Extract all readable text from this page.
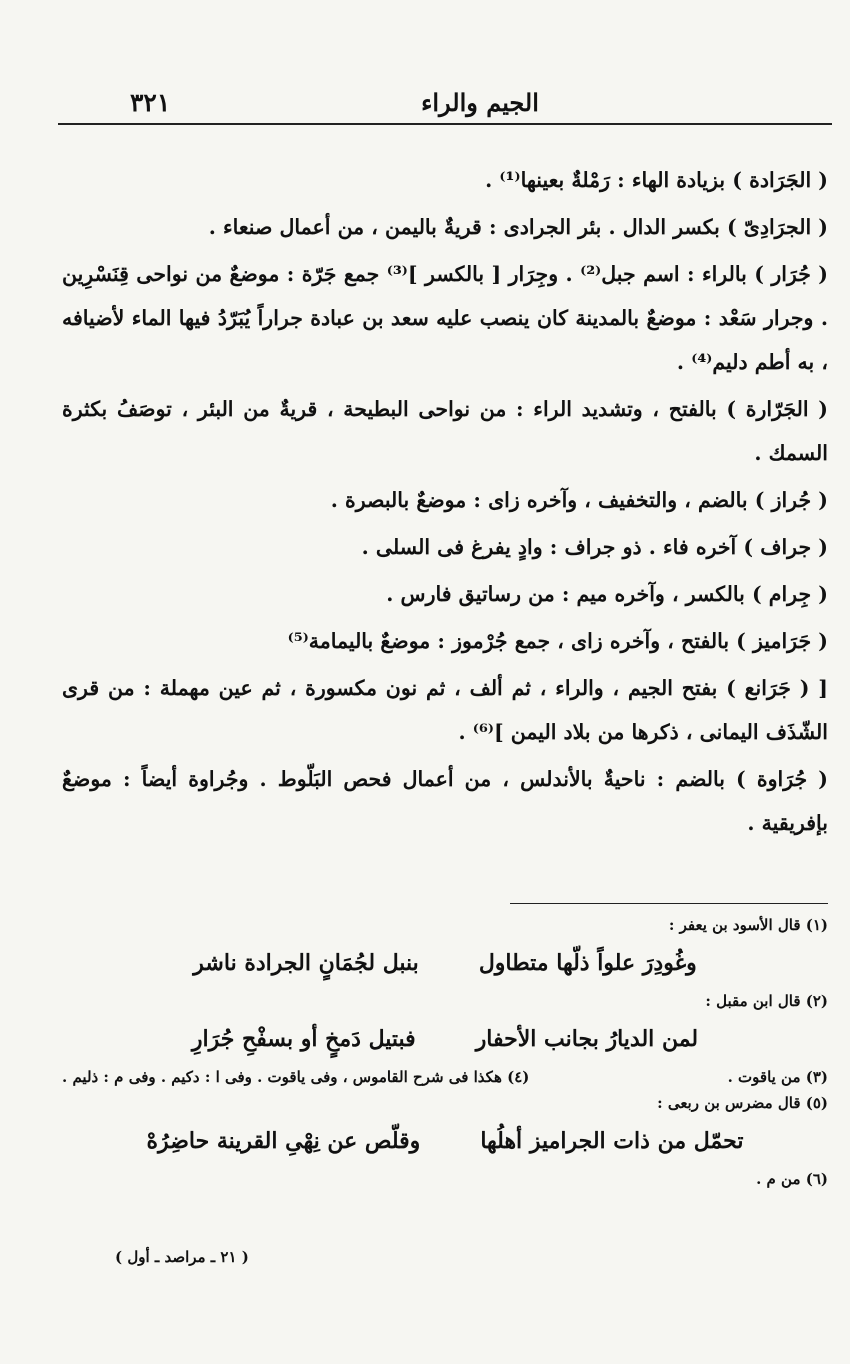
٣٢١	الجيم والراء

( الجَرَادة ) بزيادة الهاء : رَمْلةٌ بعينها⁽¹⁾ .

( الجرَادِىّ ) بكسر الدال . بئر الجرادى : قريةٌ باليمن ، من أعمال صنعاء .

( جُرَار ) بالراء : اسم جبل⁽²⁾ . وجِرَار [ بالكسر ]⁽³⁾ جمع جَرّة : موضعٌ من نواحى قِنَسْرِين . وجرار سَعْد : موضعٌ بالمدينة كان ينصب عليه سعد بن عبادة جراراً يُبَرّدُ فيها الماء لأضيافه ، به أطم دليم⁽⁴⁾ .

( الجَرّارة ) بالفتح ، وتشديد الراء : من نواحى البطيحة ، قريةٌ من البئر ، توصَفُ بكثرة السمك .

( جُراز ) بالضم ، والتخفيف ، وآخره زاى : موضعٌ بالبصرة .

( جراف ) آخره فاء . ذو جراف : وادٍ يفرغ فى السلى .

( جِرام ) بالكسر ، وآخره ميم : من رساتيق فارس .

( جَرَاميز ) بالفتح ، وآخره زاى ، جمع جُرْموز : موضعٌ باليمامة⁽⁵⁾

[ ( جَرَانع ) بفتح الجيم ، والراء ، ثم ألف ، ثم نون مكسورة ، ثم عين مهملة : من قرى الشّذَف اليمانى ، ذكرها من بلاد اليمن ]⁽⁶⁾ .

( جُرَاوة ) بالضم : ناحيةٌ بالأندلس ، من أعمال فحص البَلّوط . وجُراوة أيضاً : موضعٌ بإفريقية .

(١) قال الأسود بن يعفر :
وغُودِرَ علواً ذلّها متطاول
بنبل لجُمَانٍ الجرادة ناشر
(٢) قال ابن مقبل :
لمن الديارُ بجانب الأحفار
فبتيل دَمخٍ أو بسفْحِ جُرَارِ
(٣) من ياقوت .
(٤) هكذا فى شرح القاموس ، وفى ياقوت . وفى ا : دكيم . وفى م : ذليم .
(٥) قال مضرس بن ربعى :
تحمّل من ذات الجراميز أهلُها
وقلّص عن نِهْىِ القرينة حاضِرُهْ
(٦) من م .
( ٢١ ـ مراصد ـ أول )
